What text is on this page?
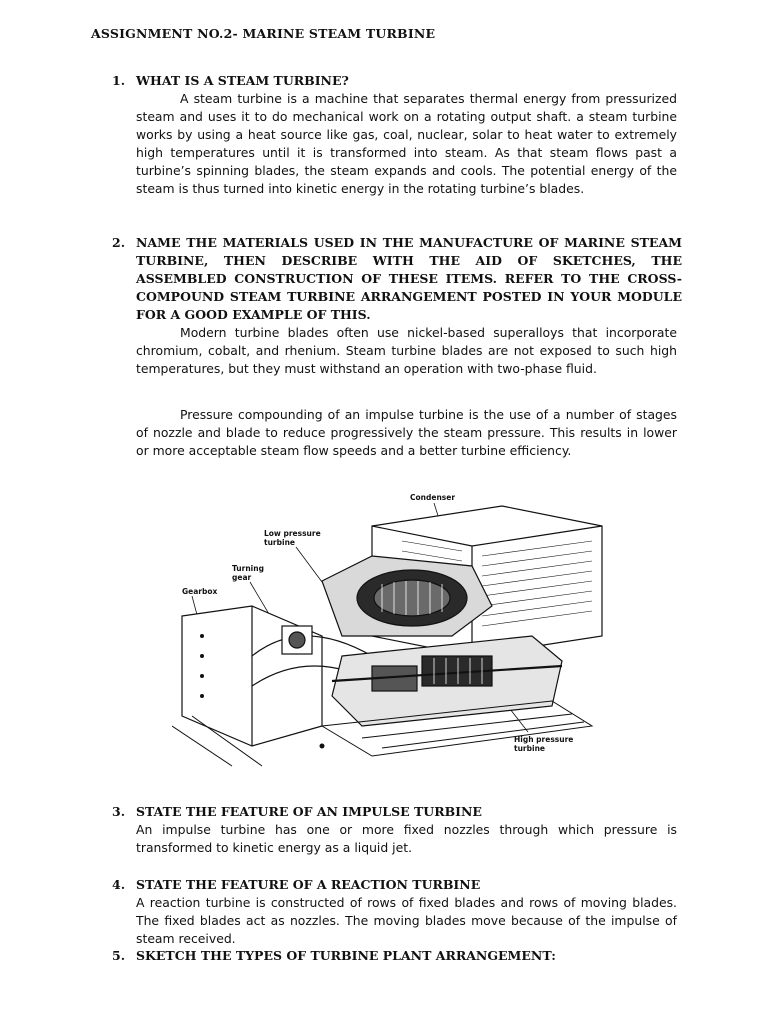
ASSIGNMENT NO.2- MARINE STEAM TURBINE
1. WHAT IS A STEAM TURBINE?
A steam turbine is a machine that separates thermal energy from pressurized steam and uses it to do mechanical work on a rotating output shaft. a steam turbine works by using a heat source like gas, coal, nuclear, solar to heat water to extremely high temperatures until it is transformed into steam. As that steam flows past a turbine’s spinning blades, the steam expands and cools. The potential energy of the steam is thus turned into kinetic energy in the rotating turbine’s blades.
2. NAME THE MATERIALS USED IN THE MANUFACTURE OF MARINE STEAM TURBINE, THEN DESCRIBE WITH THE AID OF SKETCHES, THE ASSEMBLED CONSTRUCTION OF THESE ITEMS. REFER TO THE CROSS-COMPOUND STEAM TURBINE ARRANGEMENT POSTED IN YOUR MODULE FOR A GOOD EXAMPLE OF THIS.
Modern turbine blades often use nickel-based superalloys that incorporate chromium, cobalt, and rhenium. Steam turbine blades are not exposed to such high temperatures, but they must withstand an operation with two-phase fluid.
Pressure compounding of an impulse turbine is the use of a number of stages of nozzle and blade to reduce progressively the steam pressure. This results in lower or more acceptable steam flow speeds and a better turbine efficiency.
Condenser
Low pressure
turbine
Turning
gear
Gearbox
High pressure
turbine
3. STATE THE FEATURE OF AN IMPULSE TURBINE
An impulse turbine has one or more fixed nozzles through which pressure is transformed to kinetic energy as a liquid jet.
4. STATE THE FEATURE OF A REACTION TURBINE
A reaction turbine is constructed of rows of fixed blades and rows of moving blades. The fixed blades act as nozzles. The moving blades move because of the impulse of steam received.
5. SKETCH THE TYPES OF TURBINE PLANT ARRANGEMENT:
